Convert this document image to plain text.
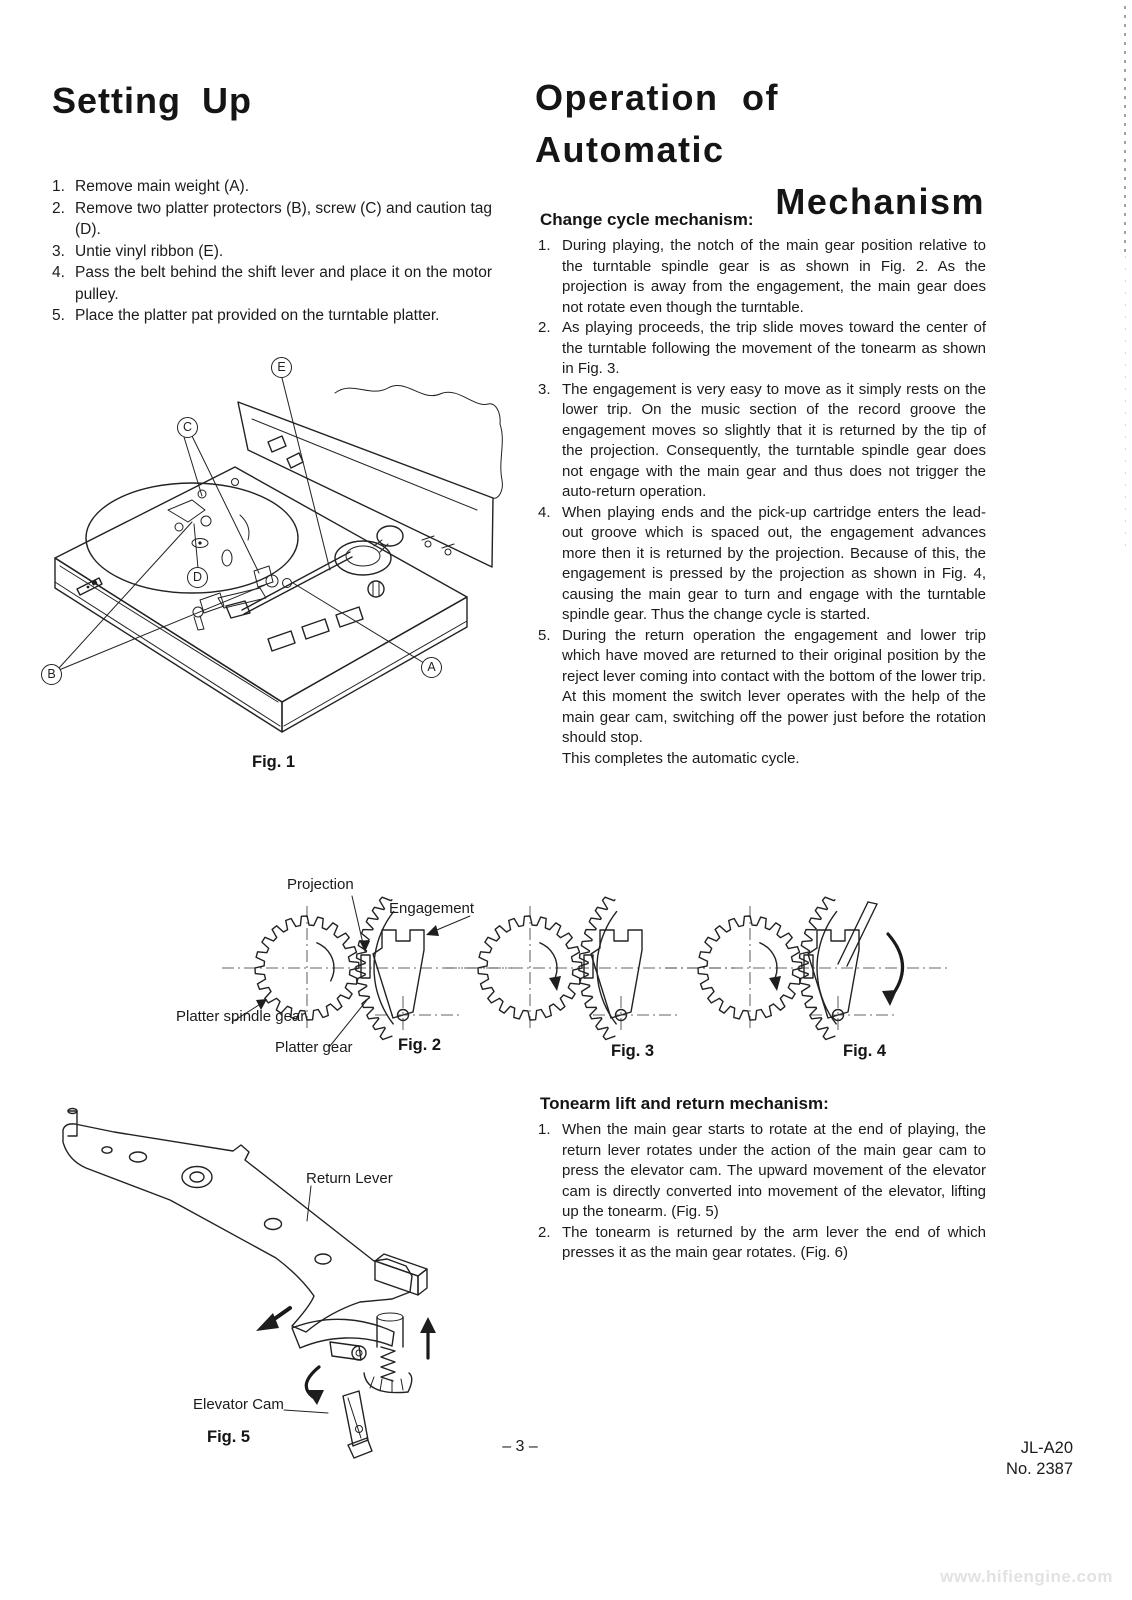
Setting Up
1. Remove main weight (A).
2. Remove two platter protectors (B), screw (C) and caution tag (D).
3. Untie vinyl ribbon (E).
4. Pass the belt behind the shift lever and place it on the motor pulley.
5. Place the platter pat provided on the turntable platter.
Operation of Automatic
Mechanism
Change cycle mechanism:
1. During playing, the notch of the main gear position relative to the turntable spindle gear is as shown in Fig. 2. As the projection is away from the engagement, the main gear does not rotate even though the turntable.
2. As playing proceeds, the trip slide moves toward the center of the turntable following the movement of the tonearm as shown in Fig. 3.
3. The engagement is very easy to move as it simply rests on the lower trip. On the music section of the record groove the engagement moves so slightly that it is returned by the tip of the projection. Consequently, the turntable spindle gear does not engage with the main gear and thus does not trigger the auto-return operation.
4. When playing ends and the pick-up cartridge enters the lead-out groove which is spaced out, the engagement advances more then it is returned by the projection. Because of this, the engagement is pressed by the projection as shown in Fig. 4, causing the main gear to turn and engage with the turntable spindle gear. Thus the change cycle is started.
5. During the return operation the engagement and lower trip which have moved are returned to their original position by the reject lever coming into contact with the bottom of the lower trip. At this moment the switch lever operates with the help of the main gear cam, switching off the power just before the rotation should stop.
This completes the automatic cycle.
Tonearm lift and return mechanism:
1. When the main gear starts to rotate at the end of playing, the return lever rotates under the action of the main gear cam to press the elevator cam. The upward movement of the elevator cam is directly converted into movement of the elevator, lifting up the tonearm. (Fig. 5)
2. The tonearm is returned by the arm lever the end of which presses it as the main gear rotates. (Fig. 6)
A
B
C
D
E
Fig. 1
Projection
Engagement
Platter spindle gear
Platter gear	Fig. 2	Fig. 3	Fig. 4
Return Lever
Elevator Cam
Fig. 5
– 3 –	JL-A20
No. 2387
www.hifiengine.com
